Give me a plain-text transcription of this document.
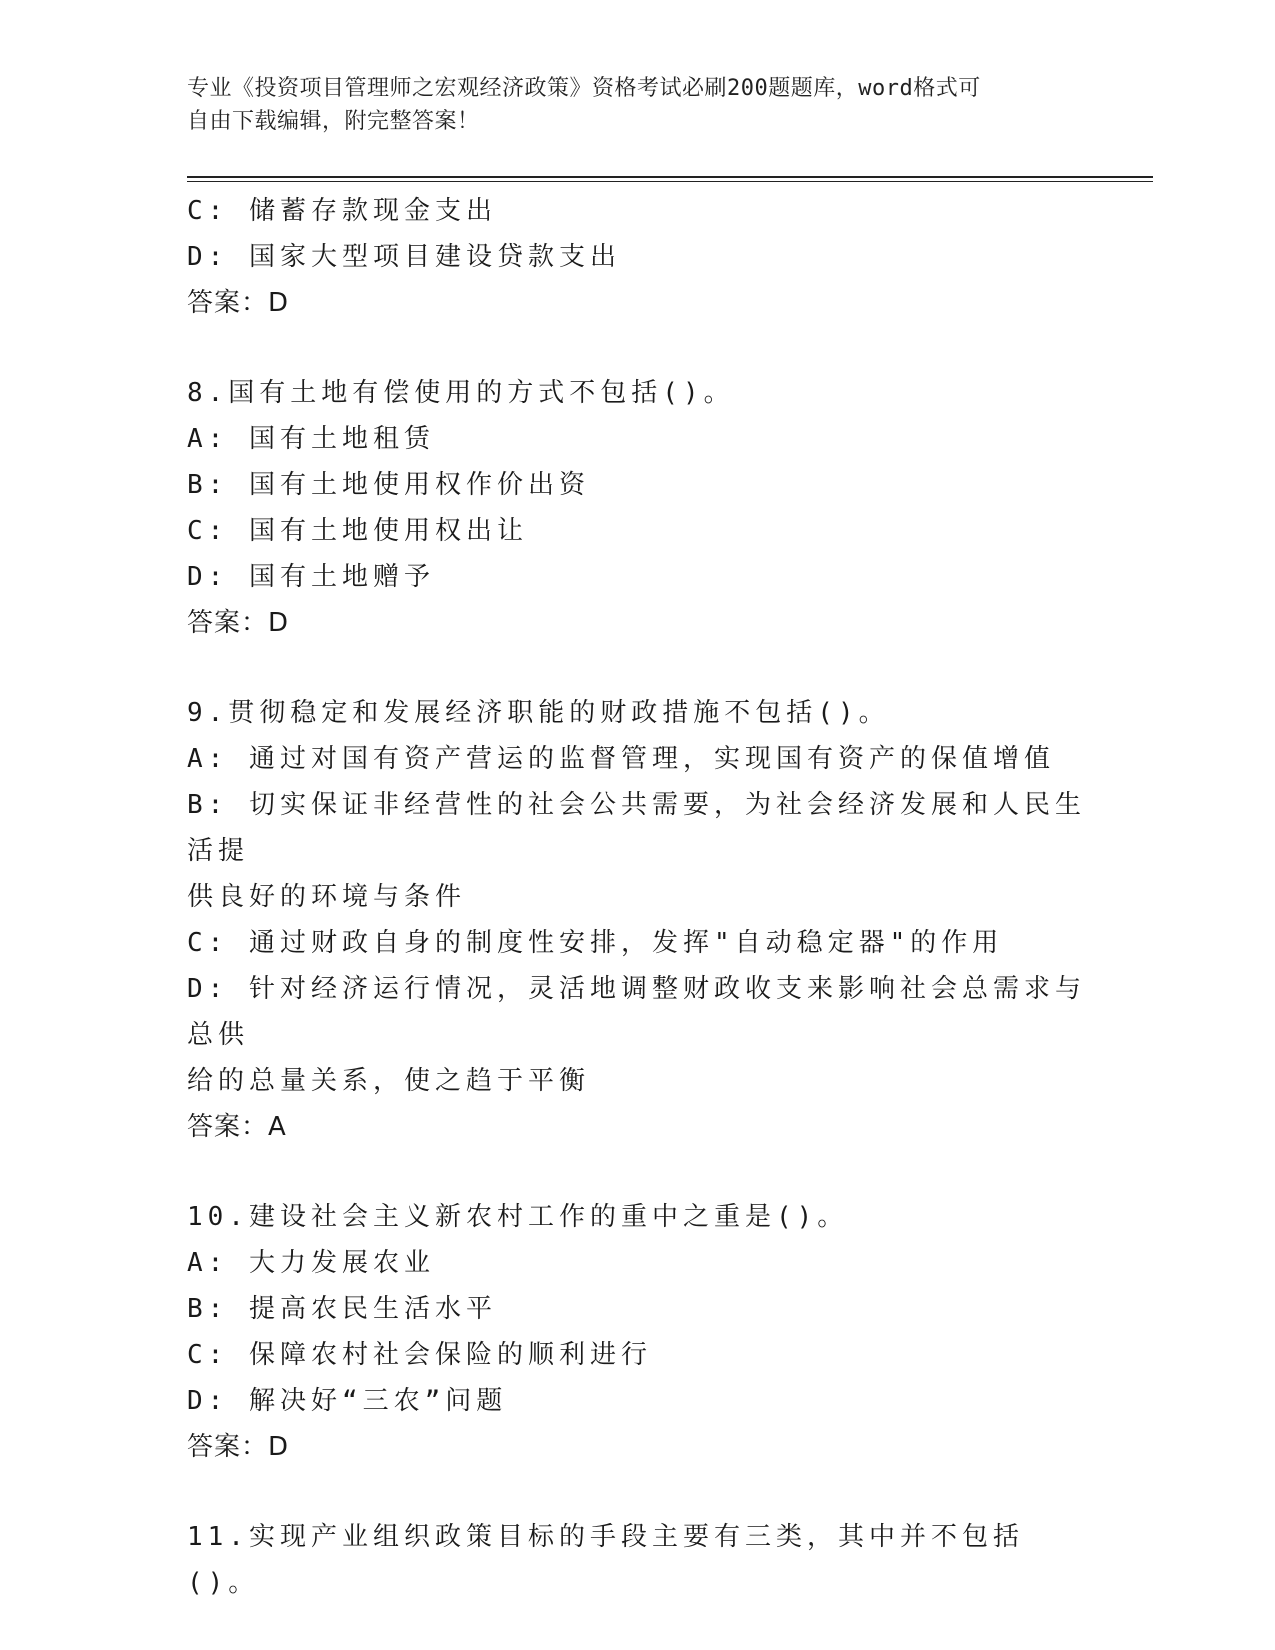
专业《投资项目管理师之宏观经济政策》资格考试必刷200题题库，word格式可
自由下载编辑，附完整答案！
C: 储蓄存款现金支出
D: 国家大型项目建设贷款支出
答案：D
8.国有土地有偿使用的方式不包括()。
A: 国有土地租赁
B: 国有土地使用权作价出资
C: 国有土地使用权出让
D: 国有土地赠予
答案：D
9.贯彻稳定和发展经济职能的财政措施不包括()。
A: 通过对国有资产营运的监督管理，实现国有资产的保值增值
B: 切实保证非经营性的社会公共需要，为社会经济发展和人民生活提
供良好的环境与条件
C: 通过财政自身的制度性安排，发挥"自动稳定器"的作用
D: 针对经济运行情况，灵活地调整财政收支来影响社会总需求与总供
给的总量关系，使之趋于平衡
答案：A
10.建设社会主义新农村工作的重中之重是()。
A: 大力发展农业
B: 提高农民生活水平
C: 保障农村社会保险的顺利进行
D: 解决好“三农”问题
答案：D
11.实现产业组织政策目标的手段主要有三类，其中并不包括()。
